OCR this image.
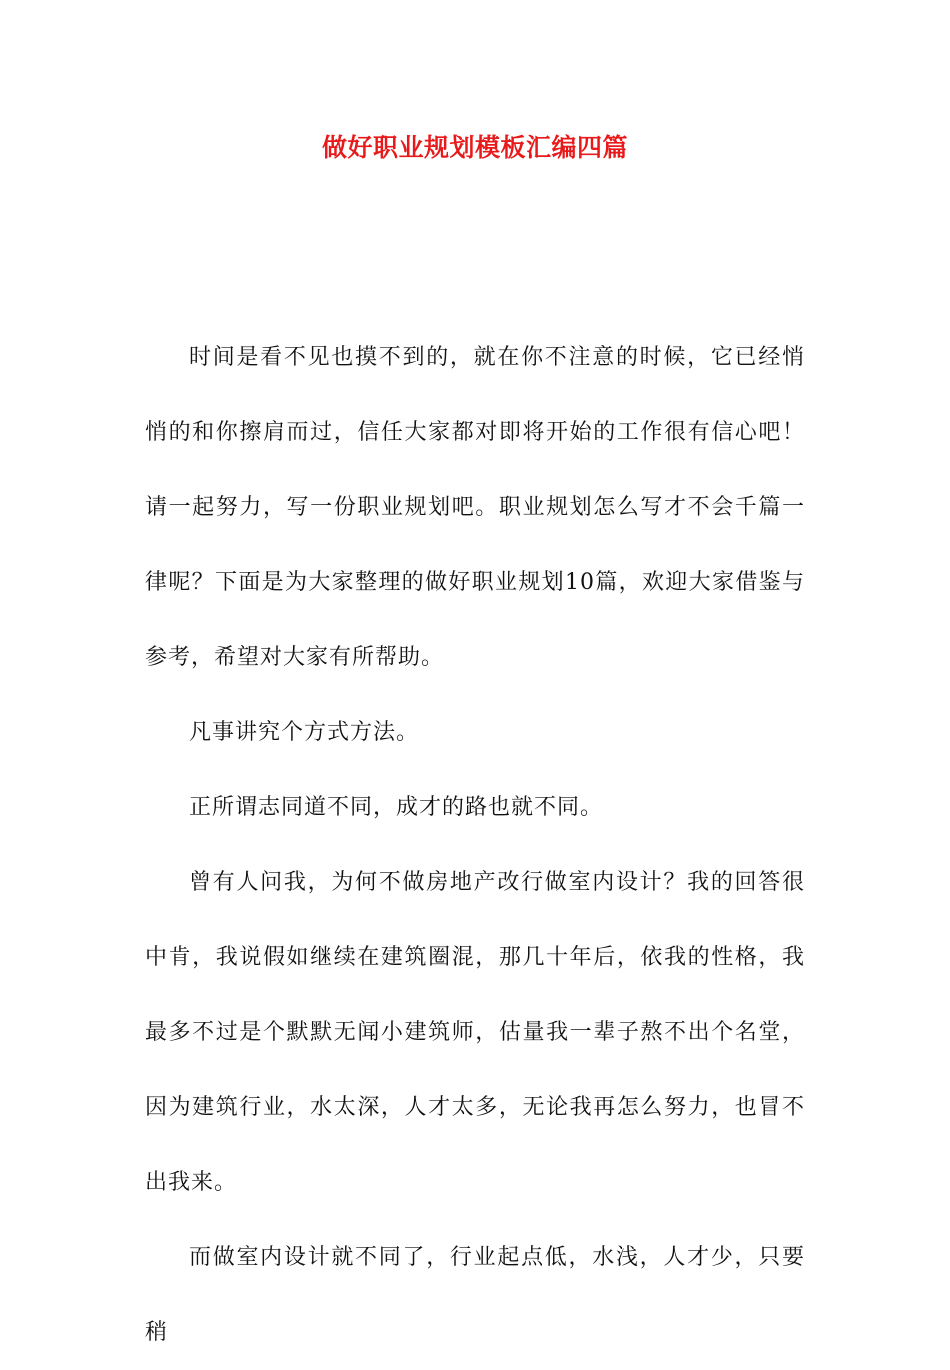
做好职业规划模板汇编四篇

时间是看不见也摸不到的，就在你不注意的时候，它已经悄悄的和你擦肩而过，信任大家都对即将开始的工作很有信心吧！请一起努力，写一份职业规划吧。职业规划怎么写才不会千篇一律呢？下面是为大家整理的做好职业规划10篇，欢迎大家借鉴与参考，希望对大家有所帮助。

凡事讲究个方式方法。

正所谓志同道不同，成才的路也就不同。

曾有人问我，为何不做房地产改行做室内设计？我的回答很中肯，我说假如继续在建筑圈混，那几十年后，依我的性格，我最多不过是个默默无闻小建筑师，估量我一辈子熬不出个名堂，因为建筑行业，水太深，人才太多，无论我再怎么努力，也冒不出我来。

而做室内设计就不同了，行业起点低，水浅，人才少，只要稍
